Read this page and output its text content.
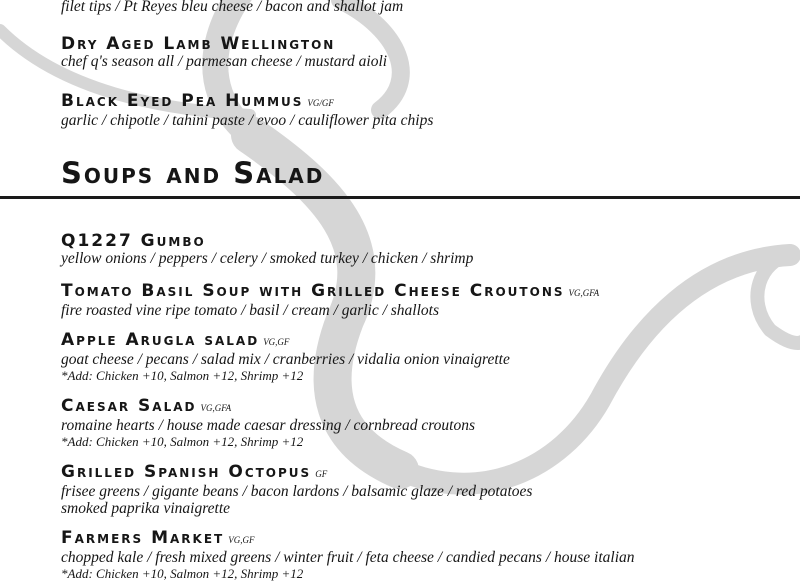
filet tips / Pt Reyes bleu cheese / bacon and shallot jam
Dry Aged Lamb Wellington
chef q's season all / parmesan cheese / mustard aioli
Black Eyed Pea Hummus VG/GF
garlic / chipotle / tahini paste / evoo / cauliflower pita chips
Soups and Salad
Q1227 Gumbo
yellow onions / peppers / celery / smoked turkey / chicken / shrimp
Tomato Basil Soup with Grilled Cheese Croutons VG,GFA
fire roasted vine ripe tomato / basil / cream / garlic / shallots
Apple Arugla salad VG,GF
goat cheese / pecans / salad mix / cranberries / vidalia onion vinaigrette
*Add: Chicken +10, Salmon +12, Shrimp +12
Caesar Salad VG,GFA
romaine hearts / house made caesar dressing / cornbread croutons
*Add: Chicken +10, Salmon +12, Shrimp +12
Grilled Spanish Octopus GF
frisee greens / gigante beans / bacon lardons / balsamic glaze / red potatoes
smoked paprika vinaigrette
Farmers Market VG,GF
chopped kale / fresh mixed greens / winter fruit / feta cheese / candied pecans / house italian
*Add: Chicken +10, Salmon +12, Shrimp +12
